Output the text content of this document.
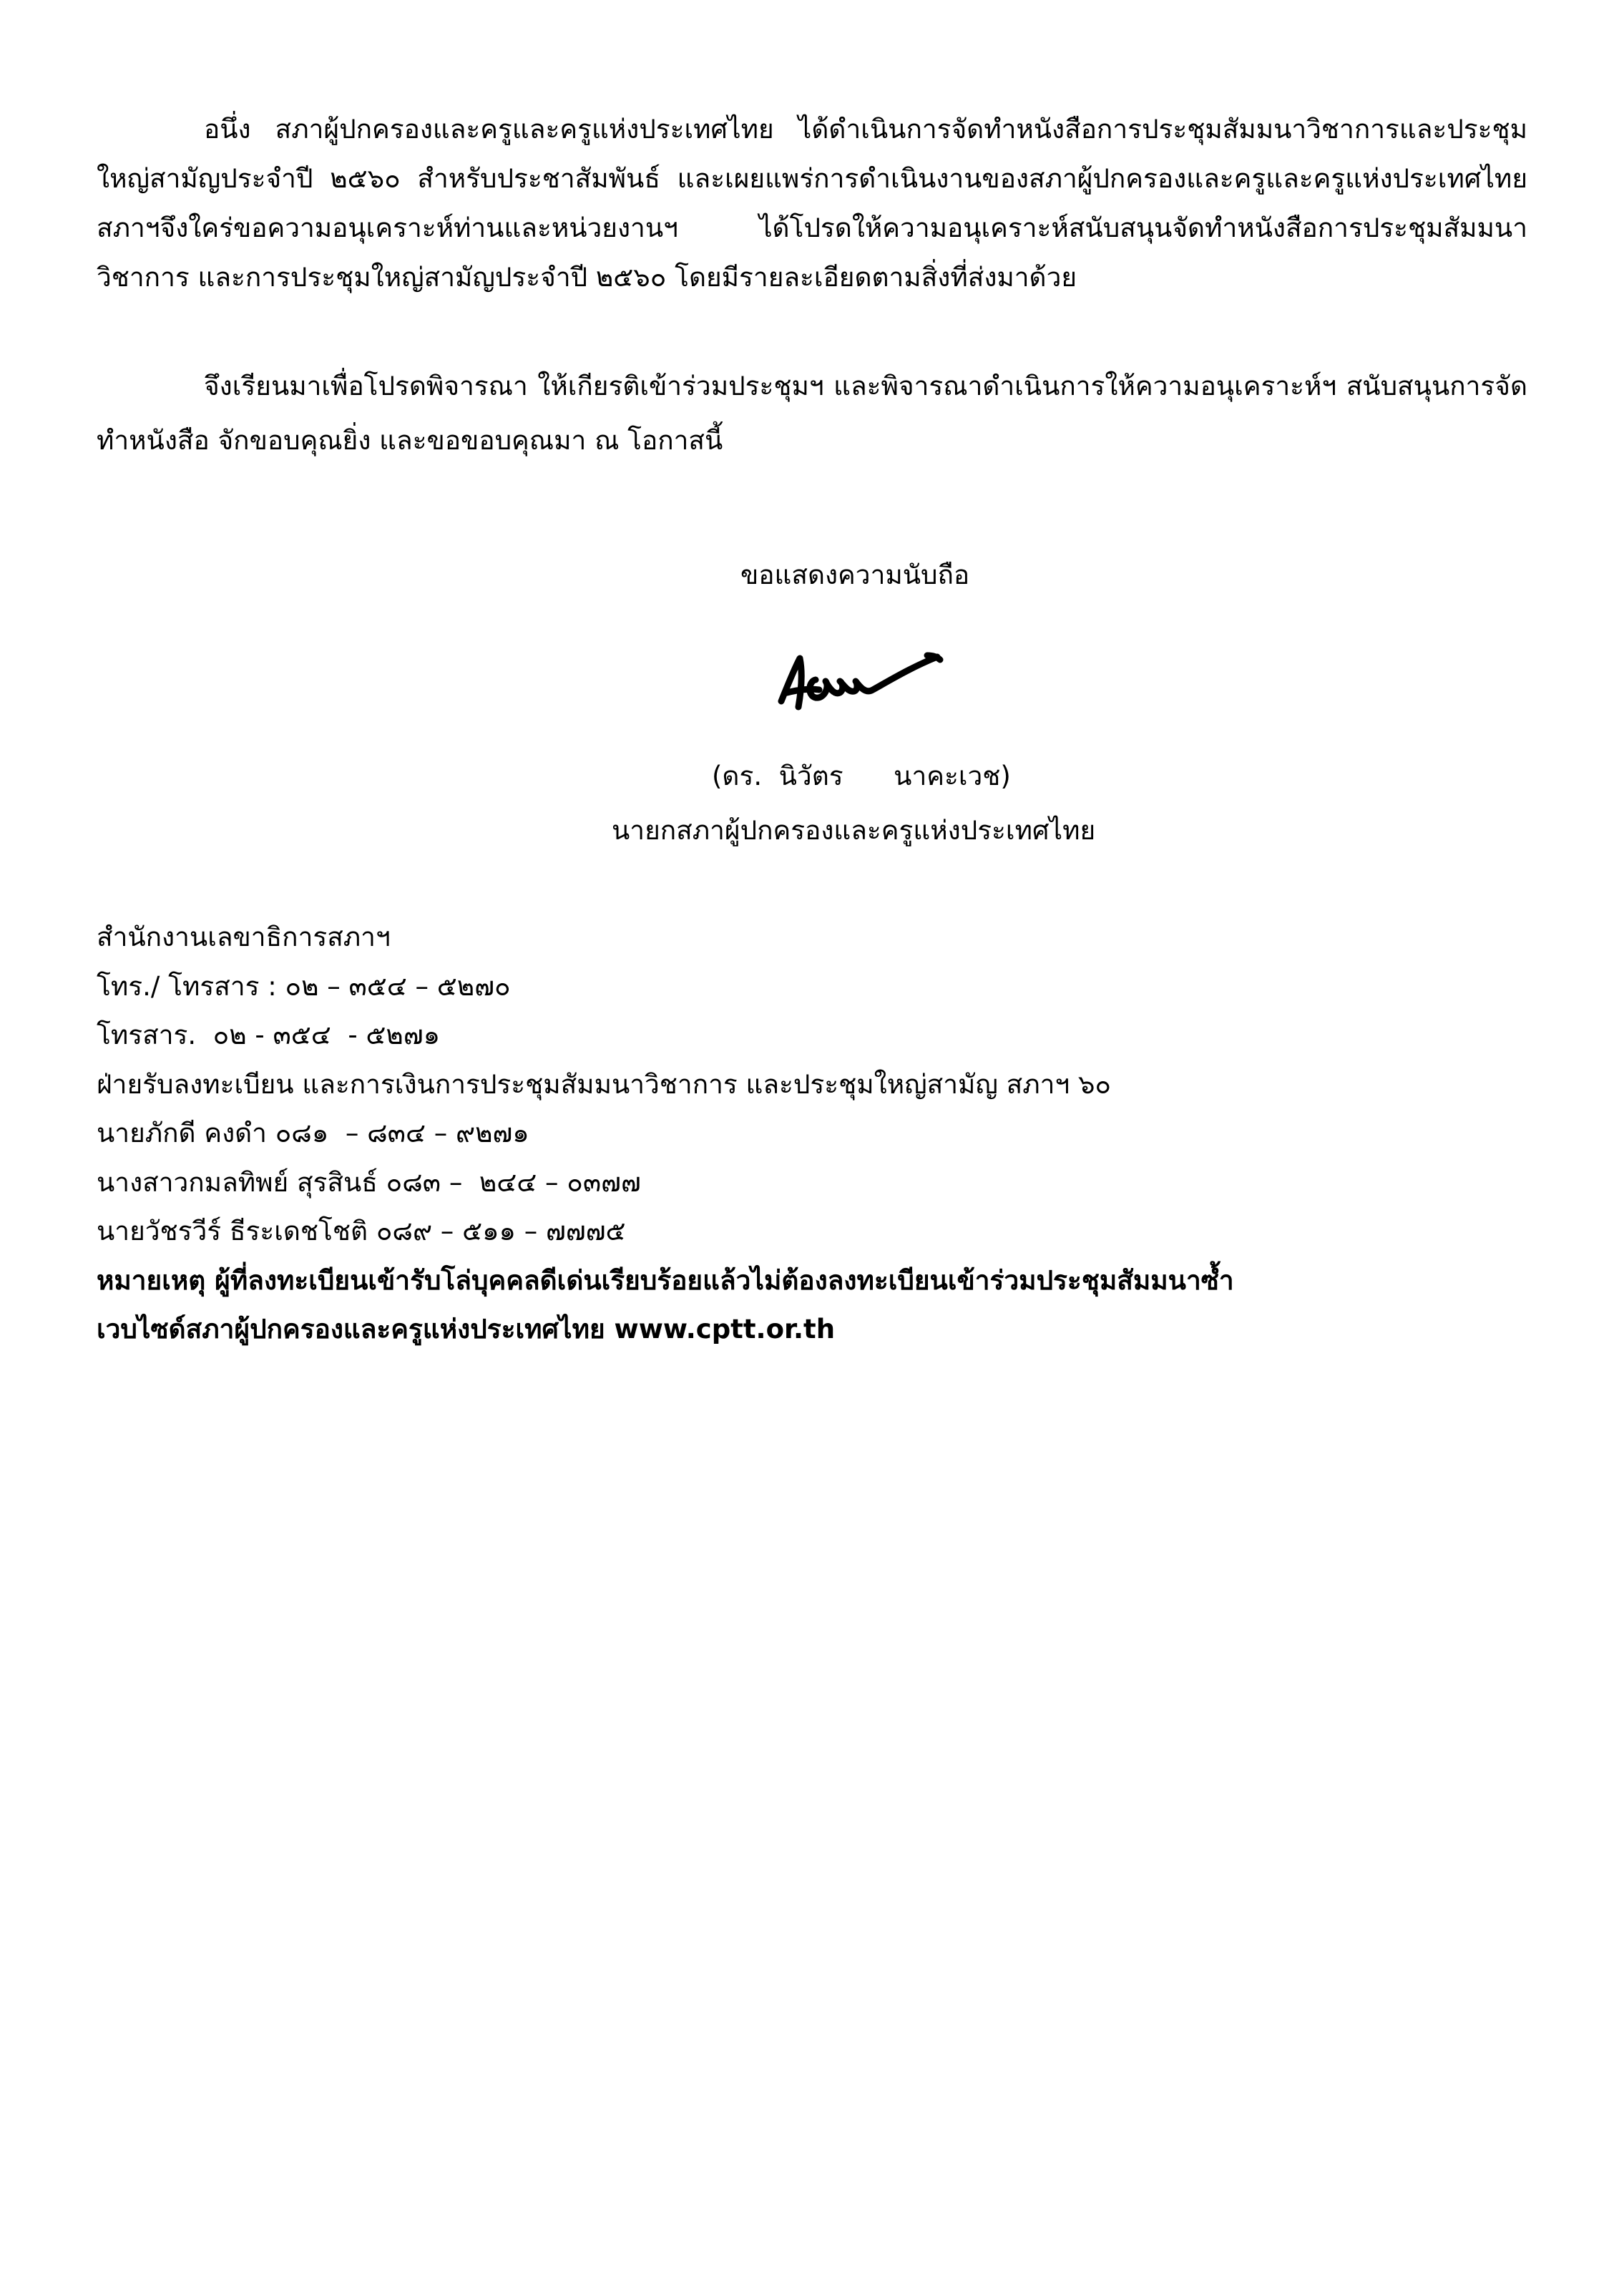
อนึ่ง สภาผู้ปกครองและครูและครูแห่งประเทศไทย ได้ดำเนินการจัดทำหนังสือการประชุมสัมมนาวิชาการและประชุมใหญ่สามัญประจำปี ๒๕๖๐ สำหรับประชาสัมพันธ์ และเผยแพร่การดำเนินงานของสภาผู้ปกครองและครูและครูแห่งประเทศไทย สภาฯจึงใคร่ขอความอนุเคราะห์ท่านและหน่วยงานฯ ได้โปรดให้ความอนุเคราะห์สนับสนุนจัดทำหนังสือการประชุมสัมมนาวิชาการ และการประชุมใหญ่สามัญประจำปี ๒๕๖๐ โดยมีรายละเอียดตามสิ่งที่ส่งมาด้วย

จึงเรียนมาเพื่อโปรดพิจารณา ให้เกียรติเข้าร่วมประชุมฯ และพิจารณาดำเนินการให้ความอนุเคราะห์ฯ สนับสนุนการจัดทำหนังสือ จักขอบคุณยิ่ง และขอขอบคุณมา ณ โอกาสนี้

ขอแสดงความนับถือ

(ดร.  นิวัตร      นาคะเวช)

นายกสภาผู้ปกครองและครูแห่งประเทศไทย

สำนักงานเลขาธิการสภาฯ
โทร./ โทรสาร : ๐๒ – ๓๕๔ – ๕๒๗๐
โทรสาร.  ๐๒ - ๓๕๔  - ๕๒๗๑
ฝ่ายรับลงทะเบียน และการเงินการประชุมสัมมนาวิชาการ และประชุมใหญ่สามัญ สภาฯ ๖๐
นายภักดี คงดำ ๐๘๑  – ๘๓๔ – ๙๒๗๑
นางสาวกมลทิพย์ สุรสินธ์ ๐๘๓ –  ๒๔๔ – ๐๓๗๗
นายวัชรวีร์ ธีระเดชโชติ ๐๘๙ – ๕๑๑ – ๗๗๗๕
หมายเหตุ ผู้ที่ลงทะเบียนเข้ารับโล่บุคคลดีเด่นเรียบร้อยแล้วไม่ต้องลงทะเบียนเข้าร่วมประชุมสัมมนาซ้ำ
เวบไซด์สภาผู้ปกครองและครูแห่งประเทศไทย www.cptt.or.th
